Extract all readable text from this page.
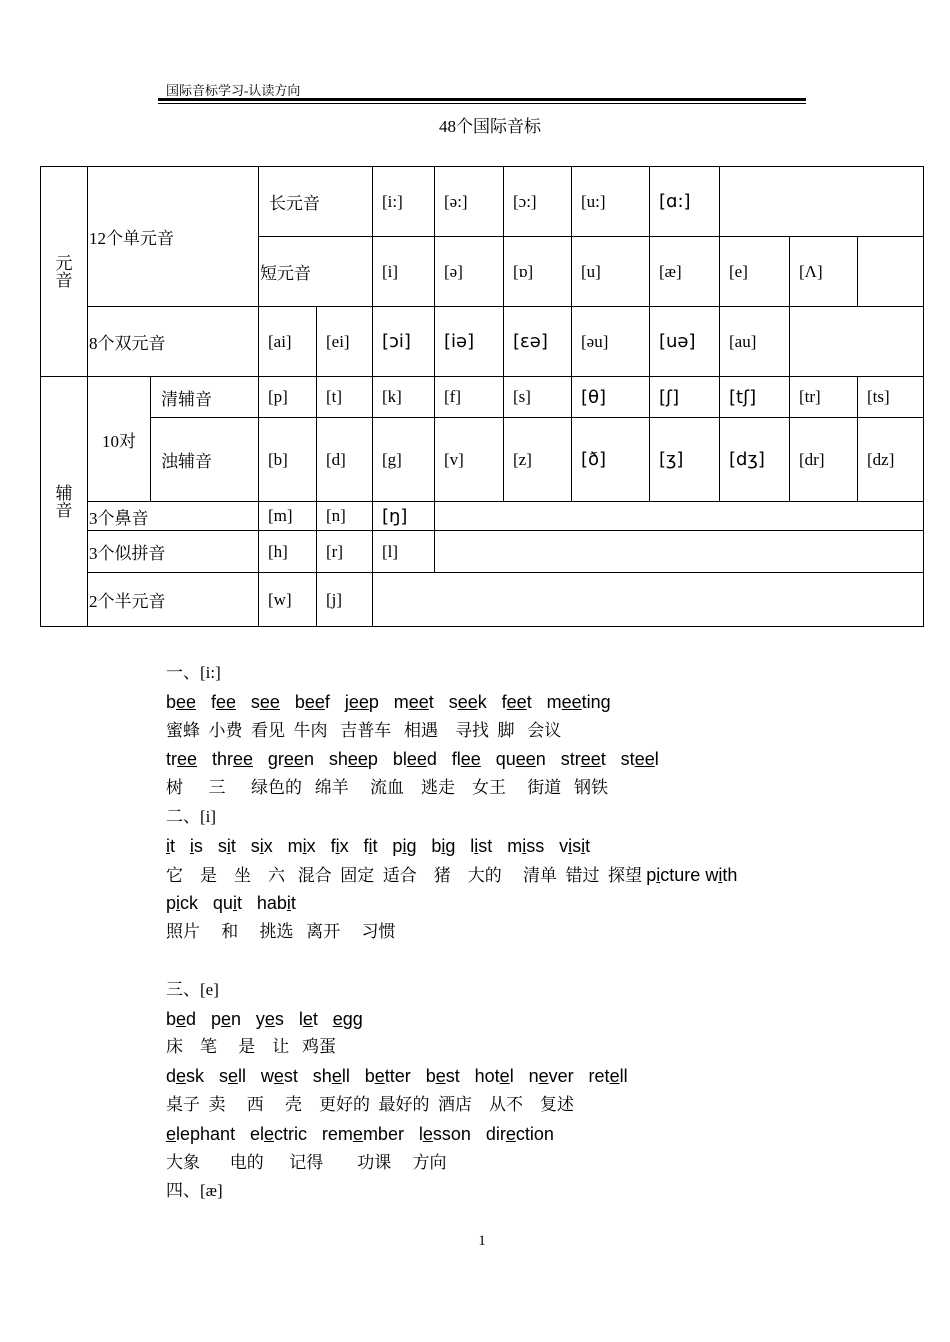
国际音标学习-认读方向
48个国际音标
元
音	12个单元音		长元音		[i:]	[ə:]	[ɔ:]	[u:]	[ɑ:]			
			短元音		[i]	[ə]	[ɒ]	[u]	[æ]	[e]	[Λ]	
	8个双元音		[ai]	[ei]	[ɔi]	[iə]	[ɛə]	[əu]	[uə]	[au]		
辅
音	10对	清辅音	[p]	[t]	[k]	[f]	[s]	[θ]	[ʃ]	[tʃ]	[tr]	[ts]
		浊辅音	[b]	[d]	[g]	[v]	[z]	[ð]	[ʒ]	[dʒ]	[dr]	[dz]
	3个鼻音		[m]	[n]	[ŋ]							
	3个似拼音		[h]	[r]	[l]							
	2个半元音		[w]	[j]								
一、[i:]
bee fee see beef jeep meet seek feet meeting
蜜蜂  小费  看见  牛肉   吉普车   相遇    寻找  脚   会议
tree three green sheep bleed flee queen street steel
树      三      绿色的   绵羊     流血    逃走    女王     街道   钢铁
二、[i]
it is sit six mix fix fit pig big list miss visit
它    是    坐    六   混合  固定  适合    猪    大的     清单  错过  探望 picture with
pick quit habit
照片     和     挑选   离开     习惯
三、[e]
bed pen yes let egg
床    笔     是    让   鸡蛋
desk sell west shell better best hotel never retell
桌子  卖     西     壳    更好的  最好的  酒店    从不    复述
elephant electric remember lesson direction
大象       电的      记得        功课     方向
四、[æ]
1
